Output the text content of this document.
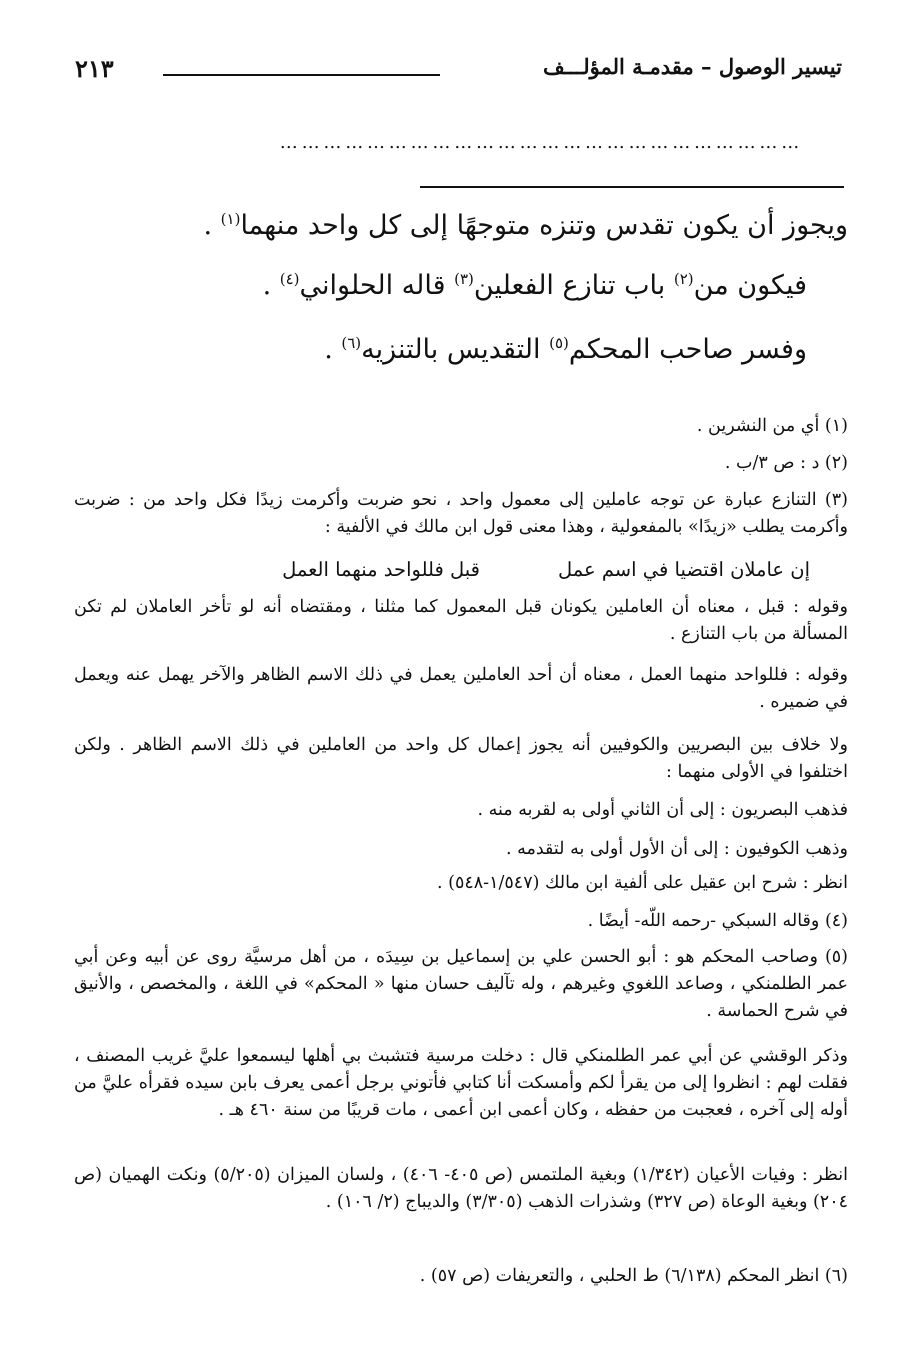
تيسير الوصول – مقدمـة المؤلـــف
٢١٣
………………………………………………………………
ويجوز أن يكون تقدس وتنزه متوجهًا إلى كل واحد منهما$^{(١)}$ .
فيكون من$^{(٢)}$ باب تنازع الفعلين$^{(٣)}$ قاله الحلواني$^{(٤)}$ .
وفسر صاحب المحكم$^{(٥)}$ التقديس بالتنزيه$^{(٦)}$ .
(١) أي من النشرين .
(٢) د : ص ٣/ب .
(٣) التنازع عبارة عن توجه عاملين إلى معمول واحد ، نحو ضربت وأكرمت زيدًا فكل واحد من : ضربت وأكرمت يطلب «زيدًا» بالمفعولية ، وهذا معنى قول ابن مالك في الألفية :
إن عاملان اقتضيا في اسم عملقبل فللواحد منهما العمل
وقوله : قبل ، معناه أن العاملين يكونان قبل المعمول كما مثلنا ، ومقتضاه أنه لو تأخر العاملان لم تكن المسألة من باب التنازع .
وقوله : فللواحد منهما العمل ، معناه أن أحد العاملين يعمل في ذلك الاسم الظاهر والآخر يهمل عنه ويعمل في ضميره .
ولا خلاف بين البصريين والكوفيين أنه يجوز إعمال كل واحد من العاملين في ذلك الاسم الظاهر . ولكن اختلفوا في الأولى منهما :
فذهب البصريون : إلى أن الثاني أولى به لقربه منه .
وذهب الكوفيون : إلى أن الأول أولى به لتقدمه .
انظر : شرح ابن عقيل على ألفية ابن مالك (١/٥٤٧-٥٤٨) .
(٤) وقاله السبكي -رحمه اللّه- أيضًا .
(٥) وصاحب المحكم هو : أبو الحسن علي بن إسماعيل بن سِيدَه ، من أهل مرسيَّة روى عن أبيه وعن أبي عمر الطلمنكي ، وصاعد اللغوي وغيرهم ، وله تآليف حسان منها « المحكم» في اللغة ، والمخصص ، والأنيق في شرح الحماسة .
وذكر الوقشي عن أبي عمر الطلمنكي قال : دخلت مرسية فتشبث بي أهلها ليسمعوا عليَّ غريب المصنف ، فقلت لهم : انظروا إلى من يقرأ لكم وأمسكت أنا كتابي فأتوني برجل أعمى يعرف بابن سيده فقرأه عليَّ من أوله إلى آخره ، فعجبت من حفظه ، وكان أعمى ابن أعمى ، مات قريبًا من سنة ٤٦٠ هـ .
انظر : وفيات الأعيان (١/٣٤٢) وبغية الملتمس (ص ٤٠٥- ٤٠٦) ، ولسان الميزان (٥/٢٠٥) ونكت الهميان (ص ٢٠٤) وبغية الوعاة (ص ٣٢٧) وشذرات الذهب (٣/٣٠٥) والديباج (٢/ ١٠٦) .
(٦) انظر المحكم (٦/١٣٨) ط الحلبي ، والتعريفات (ص ٥٧) .
